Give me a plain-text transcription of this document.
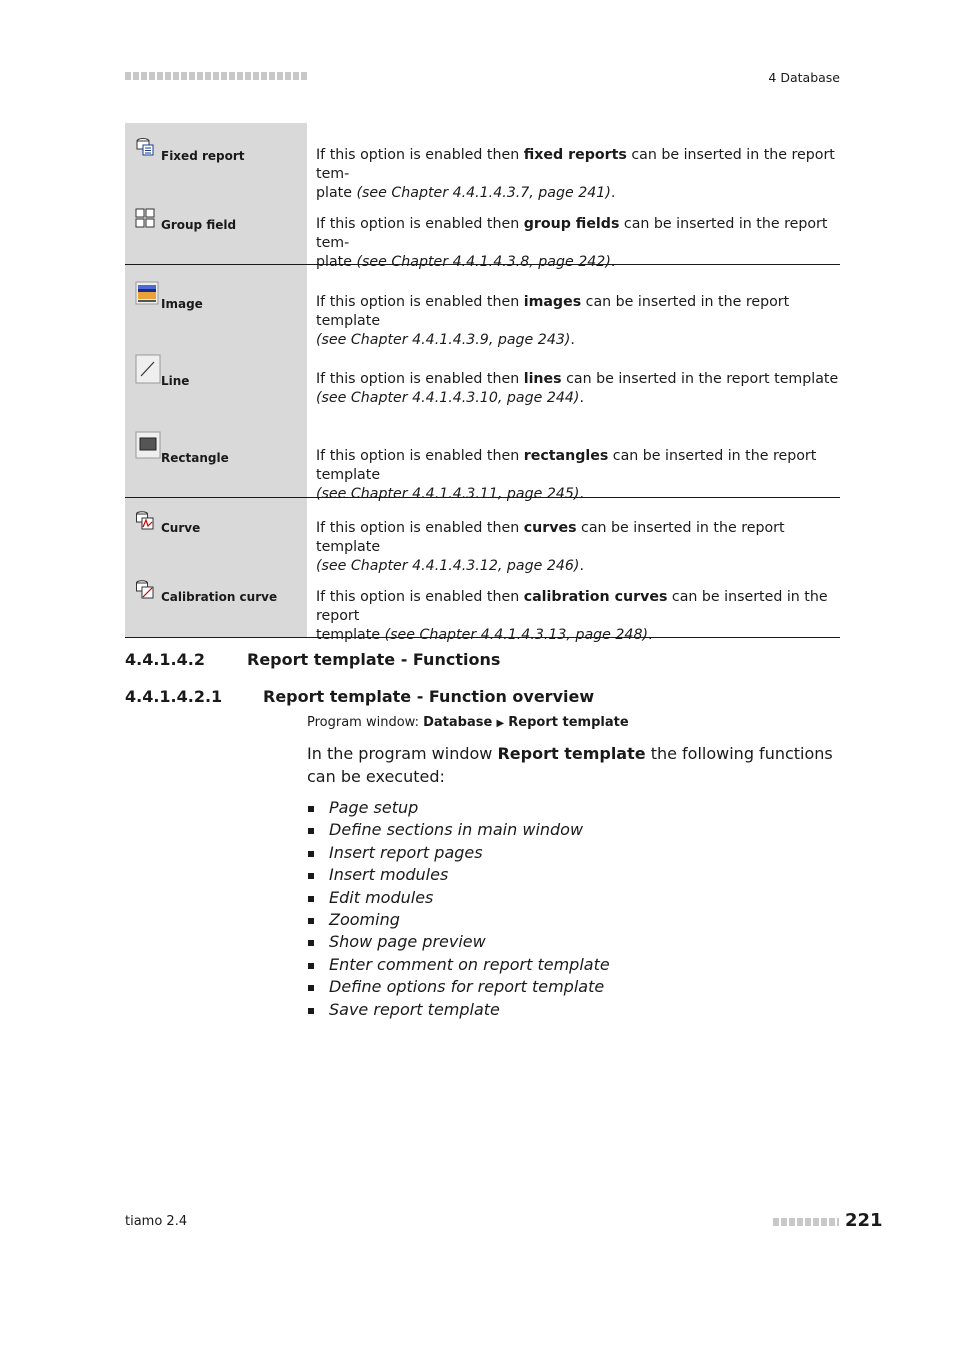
4 Database
Fixed report	If this option is enabled then fixed reports can be inserted in the report tem-
plate (see Chapter 4.4.1.4.3.7, page 241).
Group field	If this option is enabled then group fields can be inserted in the report tem-
plate (see Chapter 4.4.1.4.3.8, page 242).
Image	If this option is enabled then images can be inserted in the report template
(see Chapter 4.4.1.4.3.9, page 243).
Line	If this option is enabled then lines can be inserted in the report template
(see Chapter 4.4.1.4.3.10, page 244).
Rectangle	If this option is enabled then rectangles can be inserted in the report template
(see Chapter 4.4.1.4.3.11, page 245).
Curve	If this option is enabled then curves can be inserted in the report template
(see Chapter 4.4.1.4.3.12, page 246).
Calibration curve	If this option is enabled then calibration curves can be inserted in the report
template (see Chapter 4.4.1.4.3.13, page 248).
4.4.1.4.2	Report template - Functions
4.4.1.4.2.1	Report template - Function overview
Program window: Database ▶ Report template
In the program window Report template the following functions can be executed:
Page setup
Define sections in main window
Insert report pages
Insert modules
Edit modules
Zooming
Show page preview
Enter comment on report template
Define options for report template
Save report template
tiamo 2.4	221
